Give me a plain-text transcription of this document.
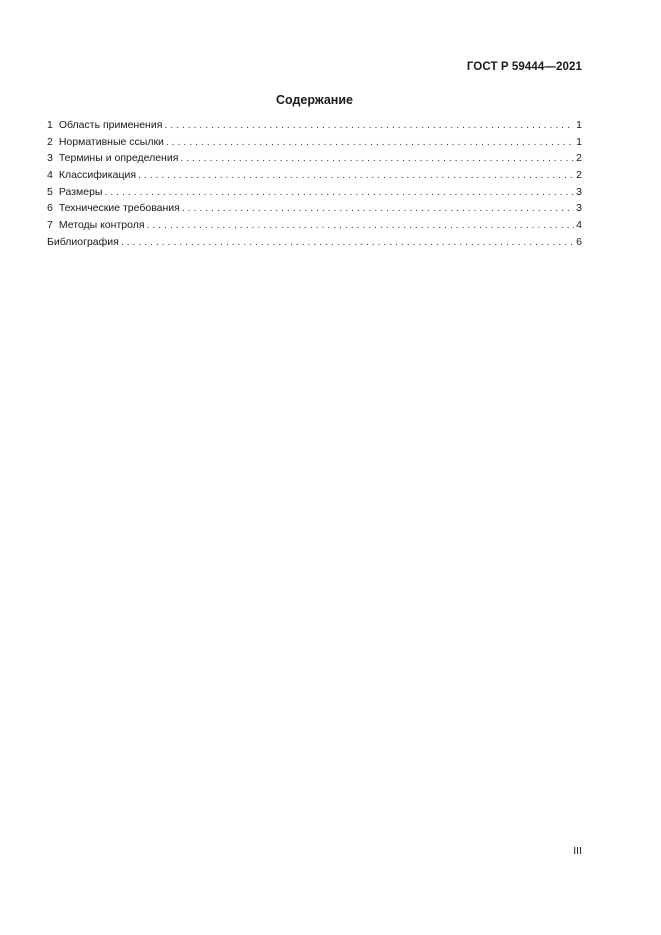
ГОСТ Р 59444—2021
Содержание
1 Область применения . . .	1
2 Нормативные ссылки . . .	1
3 Термины и определения . . .	2
4 Классификация . . .	2
5 Размеры . . .	3
6 Технические требования . . .	3
7 Методы контроля . . .	4
Библиография . . .	6
III
